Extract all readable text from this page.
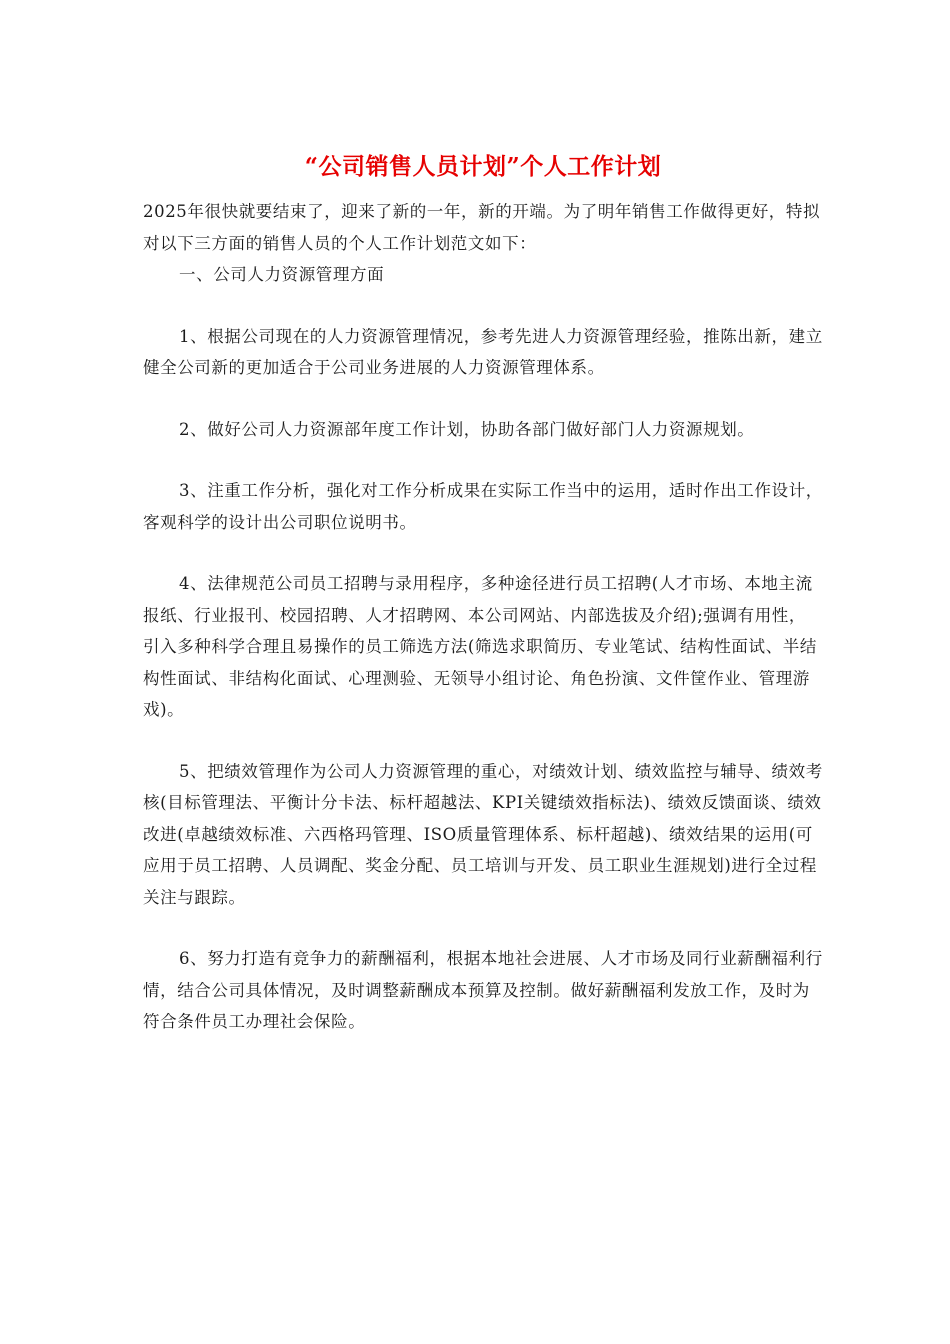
“公司销售人员计划”个人工作计划

2025年很快就要结束了，迎来了新的一年，新的开端。为了明年销售工作做得更好，特拟对以下三方面的销售人员的个人工作计划范文如下：

一、公司人力资源管理方面

1、根据公司现在的人力资源管理情况，参考先进人力资源管理经验，推陈出新，建立健全公司新的更加适合于公司业务进展的人力资源管理体系。

2、做好公司人力资源部年度工作计划，协助各部门做好部门人力资源规划。

3、注重工作分析，强化对工作分析成果在实际工作当中的运用，适时作出工作设计，客观科学的设计出公司职位说明书。

4、法律规范公司员工招聘与录用程序，多种途径进行员工招聘(人才市场、本地主流报纸、行业报刊、校园招聘、人才招聘网、本公司网站、内部选拔及介绍);强调有用性，引入多种科学合理且易操作的员工筛选方法(筛选求职简历、专业笔试、结构性面试、半结构性面试、非结构化面试、心理测验、无领导小组讨论、角色扮演、文件筐作业、管理游戏)。

5、把绩效管理作为公司人力资源管理的重心，对绩效计划、绩效监控与辅导、绩效考核(目标管理法、平衡计分卡法、标杆超越法、KPI关键绩效指标法)、绩效反馈面谈、绩效改进(卓越绩效标准、六西格玛管理、ISO质量管理体系、标杆超越)、绩效结果的运用(可应用于员工招聘、人员调配、奖金分配、员工培训与开发、员工职业生涯规划)进行全过程关注与跟踪。

6、努力打造有竞争力的薪酬福利，根据本地社会进展、人才市场及同行业薪酬福利行情，结合公司具体情况，及时调整薪酬成本预算及控制。做好薪酬福利发放工作，及时为符合条件员工办理社会保险。
